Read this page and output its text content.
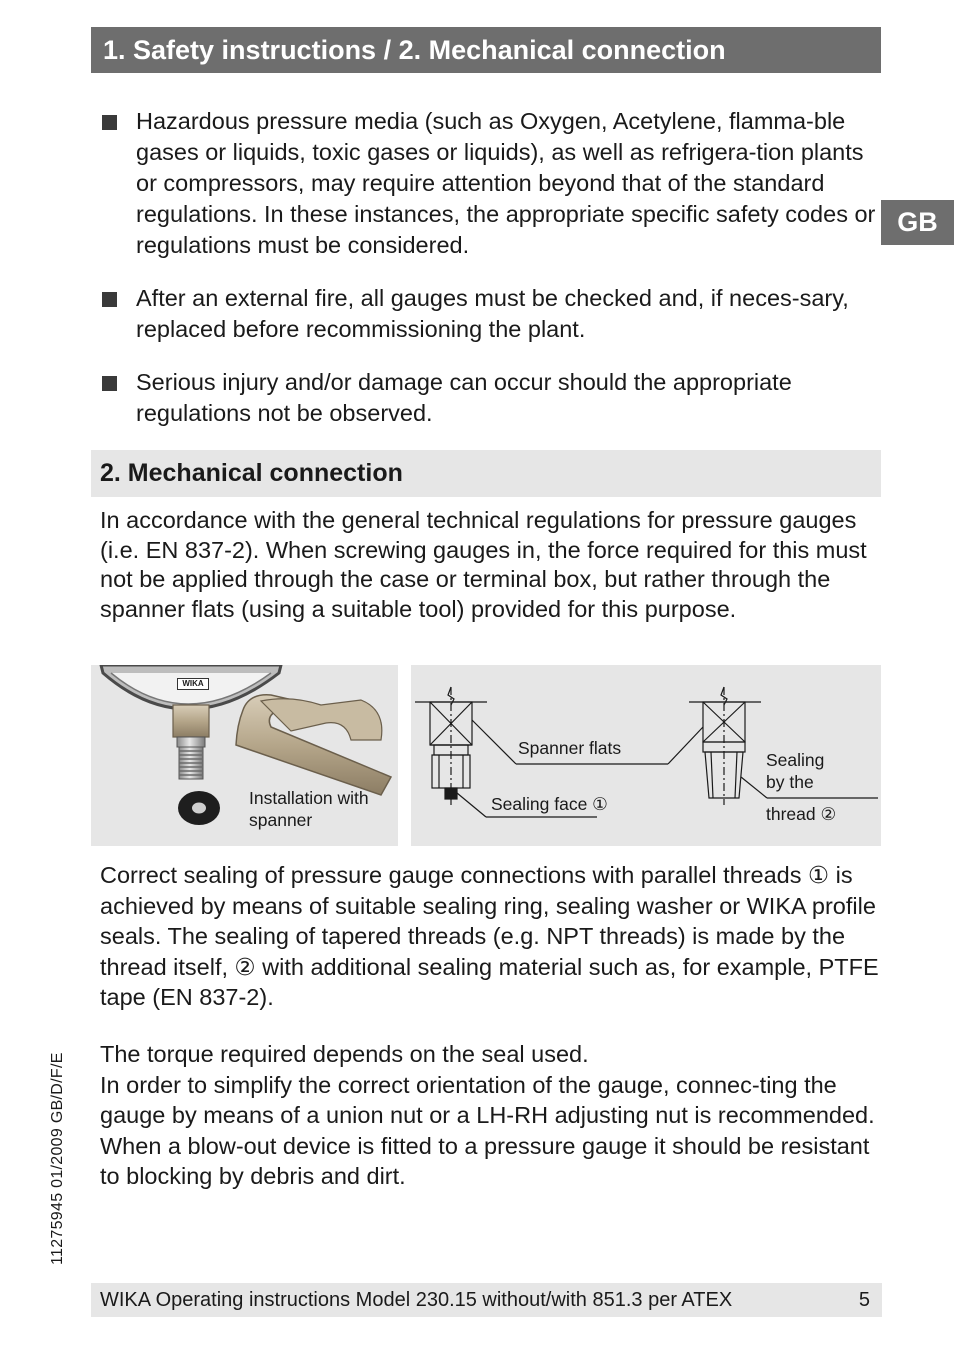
1. Safety instructions / 2. Mechanical connection
GB
Hazardous pressure media (such as Oxygen, Acetylene, flamma-ble gases or liquids, toxic gases or liquids), as well as refrigera-tion plants or compressors, may require attention beyond that of the standard regulations. In these instances, the appropriate specific safety codes or regulations must be considered.
After an external fire, all gauges must be checked and, if neces-sary, replaced before recommissioning the plant.
Serious injury and/or damage can occur should the appropriate regulations not be observed.
2. Mechanical connection

In accordance with the general technical regulations for pressure gauges (i.e. EN 837-2). When screwing gauges in, the force required for this must not be applied through the case or terminal box, but rather through the spanner flats (using a suitable tool) provided for this purpose.

WIKA
Installation with
spanner
Spanner flats
Sealing face ①
Sealing
by the
thread ②

Correct sealing of pressure gauge connections with parallel threads ① is achieved by means of suitable sealing ring, sealing washer or WIKA profile seals. The sealing of tapered threads (e.g. NPT threads) is made by the thread itself, ② with additional sealing material such as, for example, PTFE tape (EN 837-2).

The torque required depends on the seal used.
In order to simplify the correct orientation of the gauge, connec-ting the gauge by means of a union nut or a LH-RH adjusting nut is recommended. When a blow-out device is fitted to a pressure gauge it should be resistant to blocking by debris and dirt.
11275945 01/2009 GB/D/F/E
WIKA Operating instructions Model 230.15 without/with 851.3 per ATEX	5
